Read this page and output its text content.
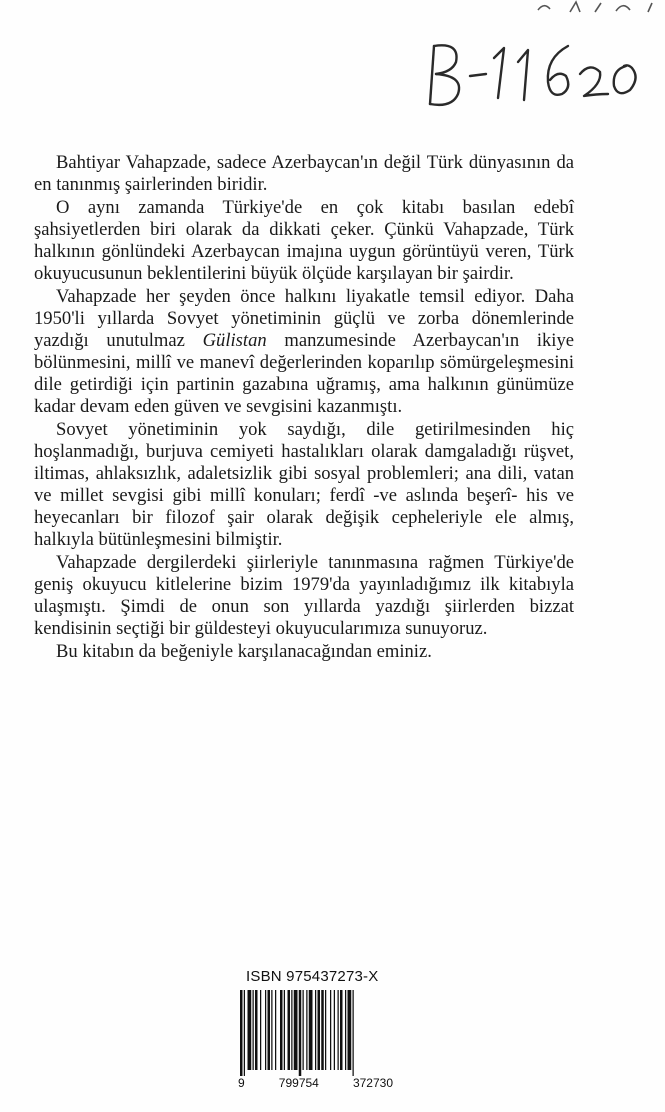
Bahtiyar Vahapzade, sadece Azerbaycan'ın değil Türk dünyasının da en tanınmış şairlerinden biridir.

O aynı zamanda Türkiye'de en çok kitabı basılan edebî şahsiyetlerden biri olarak da dikkati çeker. Çünkü Vahapzade, Türk halkının gönlündeki Azerbaycan imajına uygun görüntüyü veren, Türk okuyucusunun beklentilerini büyük ölçüde karşılayan bir şairdir.

Vahapzade her şeyden önce halkını liyakatle temsil ediyor. Daha 1950'li yıllarda Sovyet yönetiminin güçlü ve zorba dönemlerinde yazdığı unutulmaz Gülistan manzumesinde Azerbaycan'ın ikiye bölünmesini, millî ve manevî değerlerinden koparılıp sömürgeleşmesini dile getirdiği için partinin gazabına uğramış, ama halkının günümüze kadar devam eden güven ve sevgisini kazanmıştı.

Sovyet yönetiminin yok saydığı, dile getirilmesinden hiç hoşlanmadığı, burjuva cemiyeti hastalıkları olarak damgaladığı rüşvet, iltimas, ahlaksızlık, adaletsizlik gibi sosyal problemleri; ana dili, vatan ve millet sevgisi gibi millî konuları; ferdî -ve aslında beşerî- his ve heyecanları bir filozof şair olarak değişik cepheleriyle ele almış, halkıyla bütünleşmesini bilmiştir.

Vahapzade dergilerdeki şiirleriyle tanınmasına rağmen Türkiye'de geniş okuyucu kitlelerine bizim 1979'da yayınladığımız ilk kitabıyla ulaşmıştı. Şimdi de onun son yıllarda yazdığı şiirlerden bizzat kendisinin seçtiği bir güldesteyi okuyucularımıza sunuyoruz.

Bu kitabın da beğeniyle karşılanacağından eminiz.

ISBN 975437273-X
9	799754	372730
